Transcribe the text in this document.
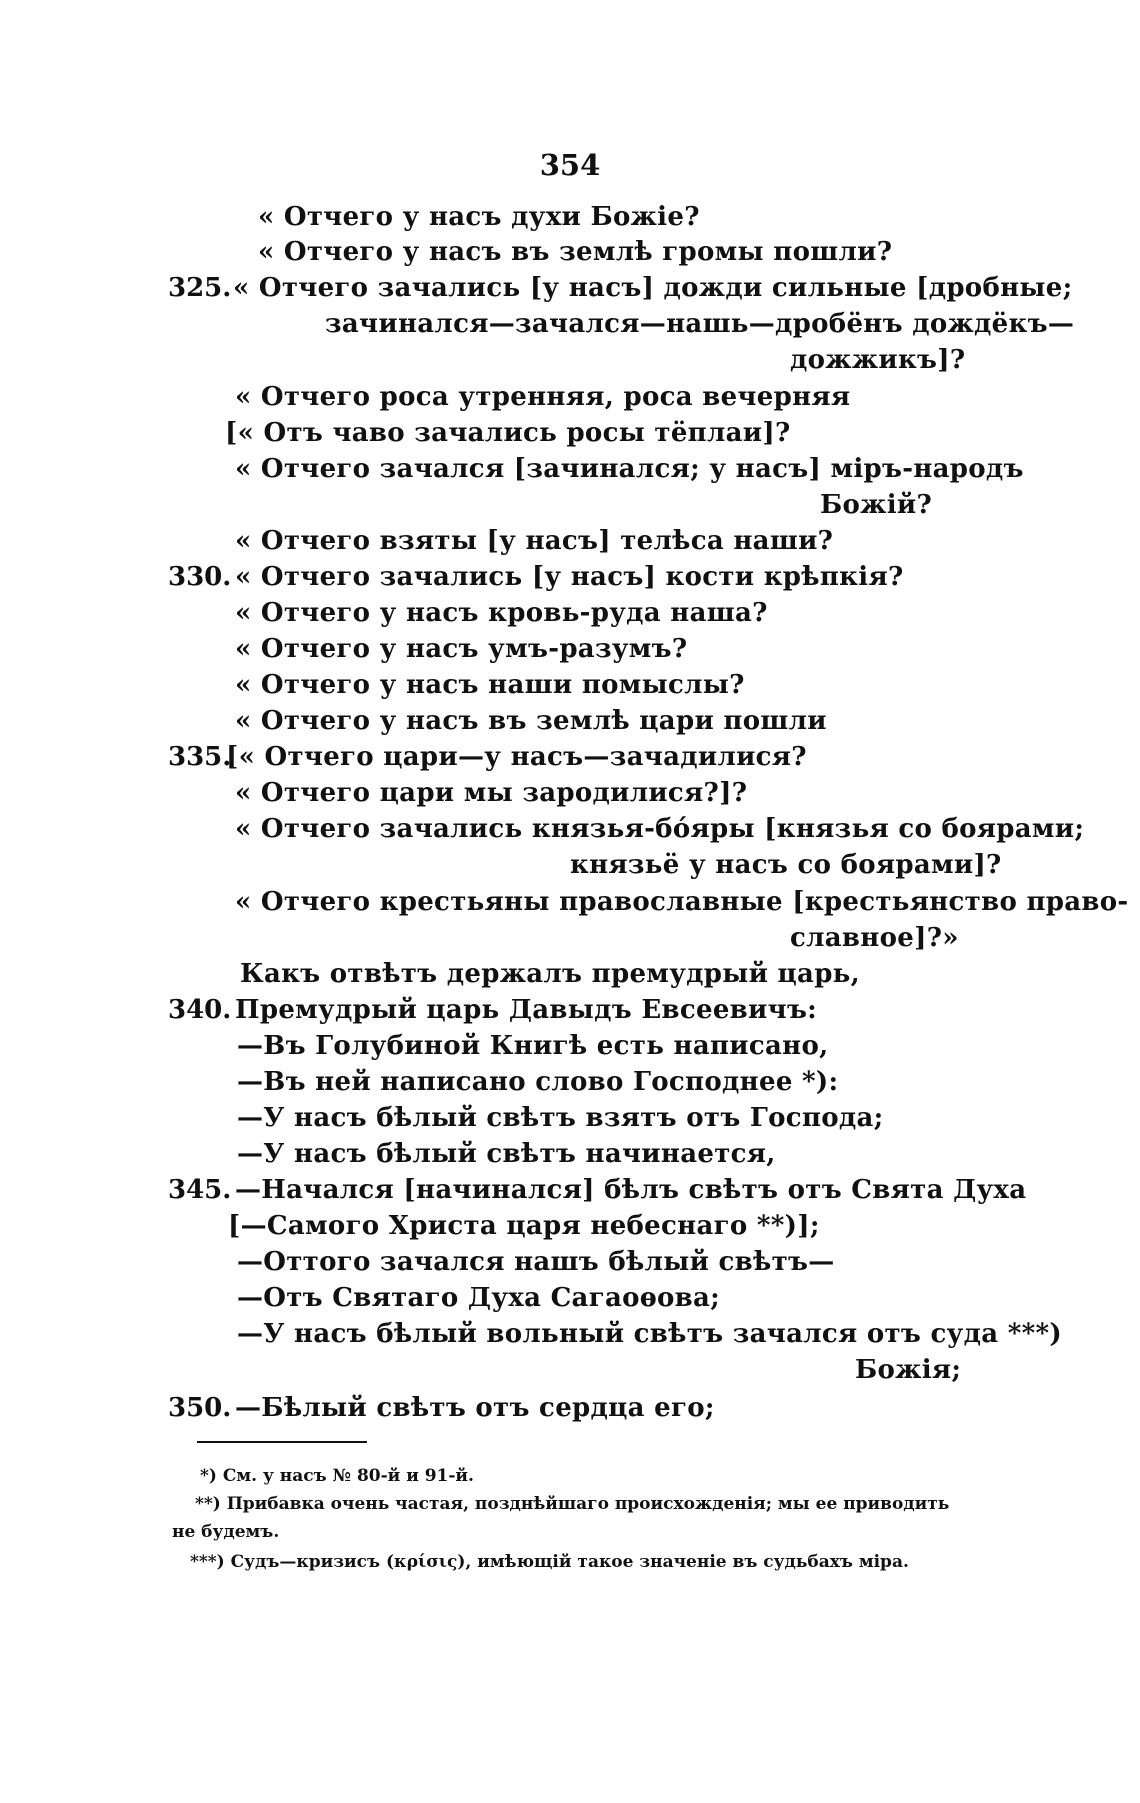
354
« Отчего у насъ духи Божіе?
« Отчего у насъ въ землѣ громы пошли?
325. « Отчего зачались [у насъ] дожди сильные [дробные;
зачинался—зачался—нашь—дробёнъ дождёкъ—
дожжикъ]?
« Отчего роса утренняя, роса вечерняя
[« Отъ чаво зачались росы тёплаи]?
« Отчего зачался [зачинался; у насъ] міръ-народъ
Божій?
« Отчего взяты [у насъ] телѣса наши?
330. « Отчего зачались [у насъ] кости крѣпкія?
« Отчего у насъ кровь-руда наша?
« Отчего у насъ умъ-разумъ?
« Отчего у насъ наши помыслы?
« Отчего у насъ въ землѣ цари пошли
335.
[« Отчего цари—у насъ—зачадилися?
« Отчего цари мы зародилися?]?
« Отчего зачались князья-бо́яры [князья со боярами;
князьё у насъ со боярами]?
« Отчего крестьяны православные [крестьянство право-
славное]?»
Какъ отвѣтъ держалъ премудрый царь,
340. Премудрый царь Давыдъ Евсеевичъ:
—Въ Голубиной Книгѣ есть написано,
—Въ ней написано слово Господнее *):
—У насъ бѣлый свѣтъ взятъ отъ Господа;
—У насъ бѣлый свѣтъ начинается,
345. —Начался [начинался] бѣлъ свѣтъ отъ Свята Духа
[—Самого Христа царя небеснаго **)];
—Оттого зачался нашъ бѣлый свѣтъ—
—Отъ Святаго Духа Сагаоѳова;
—У насъ бѣлый вольный свѣтъ зачался отъ суда ***)
Божія;
350. —Бѣлый свѣтъ отъ сердца его;
*) См. у насъ № 80-й и 91-й.
**) Прибавка очень частая, позднѣйшаго происхожденія; мы ее приводить
не будемъ.
***) Судъ—кризисъ (κρίσις), имѣющій такое значеніе въ судьбахъ міра.
